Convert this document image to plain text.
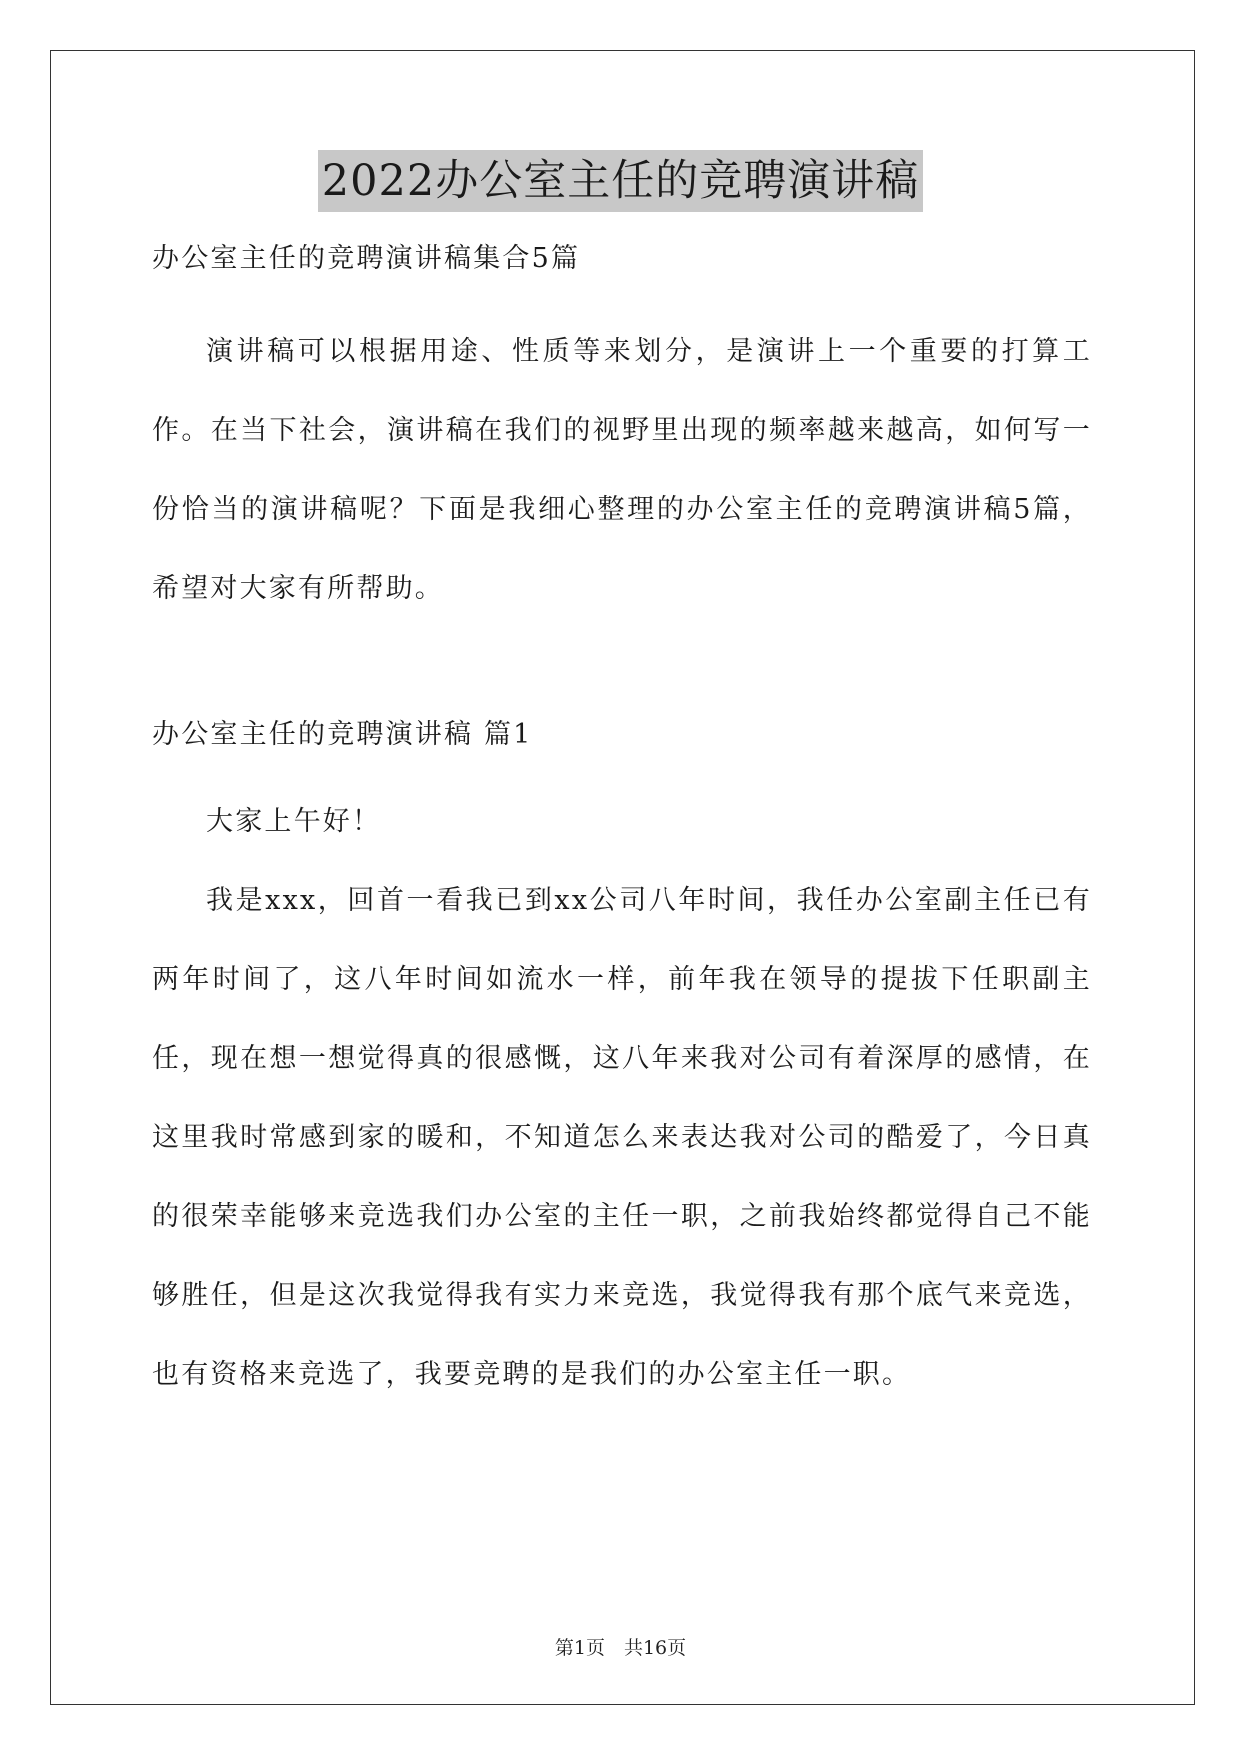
2022办公室主任的竞聘演讲稿

办公室主任的竞聘演讲稿集合5篇

演讲稿可以根据用途、性质等来划分，是演讲上一个重要的打算工作。在当下社会，演讲稿在我们的视野里出现的频率越来越高，如何写一份恰当的演讲稿呢？下面是我细心整理的办公室主任的竞聘演讲稿5篇，希望对大家有所帮助。

办公室主任的竞聘演讲稿 篇1

大家上午好！

我是xxx，回首一看我已到xx公司八年时间，我任办公室副主任已有两年时间了，这八年时间如流水一样，前年我在领导的提拔下任职副主任，现在想一想觉得真的很感慨，这八年来我对公司有着深厚的感情，在这里我时常感到家的暖和，不知道怎么来表达我对公司的酷爱了，今日真的很荣幸能够来竞选我们办公室的主任一职，之前我始终都觉得自己不能够胜任，但是这次我觉得我有实力来竞选，我觉得我有那个底气来竞选，也有资格来竞选了，我要竞聘的是我们的办公室主任一职。

第1页　共16页
